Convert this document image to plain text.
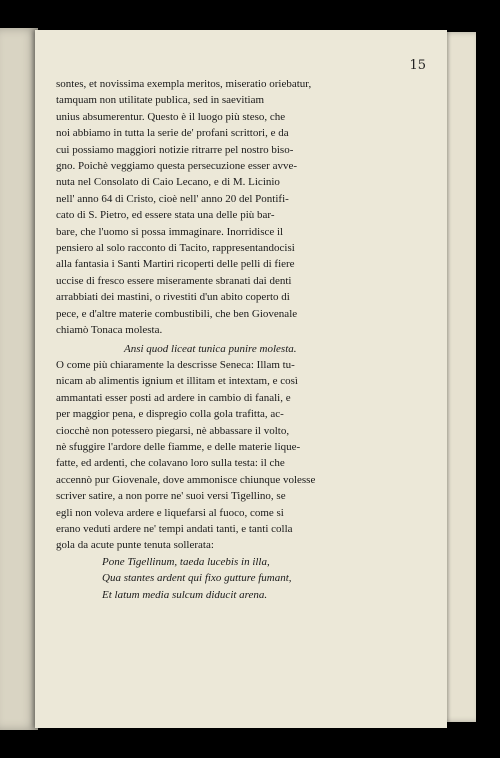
15
sontes, et novissima exempla meritos, miseratio oriebatur,
tamquam non utilitate publica, sed in saevitiam
unius absumerentur. Questo è il luogo più steso, che
noi abbiamo in tutta la serie de' profani scrittori, e da
cui possiamo maggiori notizie ritrarre pel nostro biso-
gno. Poichè veggiamo questa persecuzione esser avve-
nuta nel Consolato di Caio Lecano, e di M. Licinio
nell' anno 64 di Cristo, cioè nell' anno 20 del Pontifi-
cato di S. Pietro, ed essere stata una delle più bar-
bare, che l'uomo si possa immaginare. Inorridisce il
pensiero al solo racconto di Tacito, rappresentandocisi
alla fantasia i Santi Martiri ricoperti delle pelli di fiere
uccise di fresco essere miseramente sbranati dai denti
arrabbiati dei mastini, o rivestiti d'un abito coperto di
pece, e d'altre materie combustibili, che ben Giovenale
chiamò Tonaca molesta.
Ansi quod liceat tunica punire molesta.
O come più chiaramente la descrisse Seneca: Illam tu-
nicam ab alimentis ignium et illitam et intextam, e così
ammantati esser posti ad ardere in cambio di fanali, e
per maggior pena, e dispregio colla gola trafitta, ac-
ciocchè non potessero piegarsi, nè abbassare il volto,
nè sfuggire l'ardore delle fiamme, e delle materie lique-
fatte, ed ardenti, che colavano loro sulla testa: il che
accennò pur Giovenale, dove ammonisce chiunque volesse
scriver satire, a non porre ne' suoi versi Tigellino, se
egli non voleva ardere e liquefarsi al fuoco, come si
erano veduti ardere ne' tempi andati tanti, e tanti colla
gola da acute punte tenuta sollerata:
Pone Tigellinum, taeda lucebis in illa,
Qua stantes ardent qui fixo gutture fumant,
Et latum media sulcum diducit arena.
